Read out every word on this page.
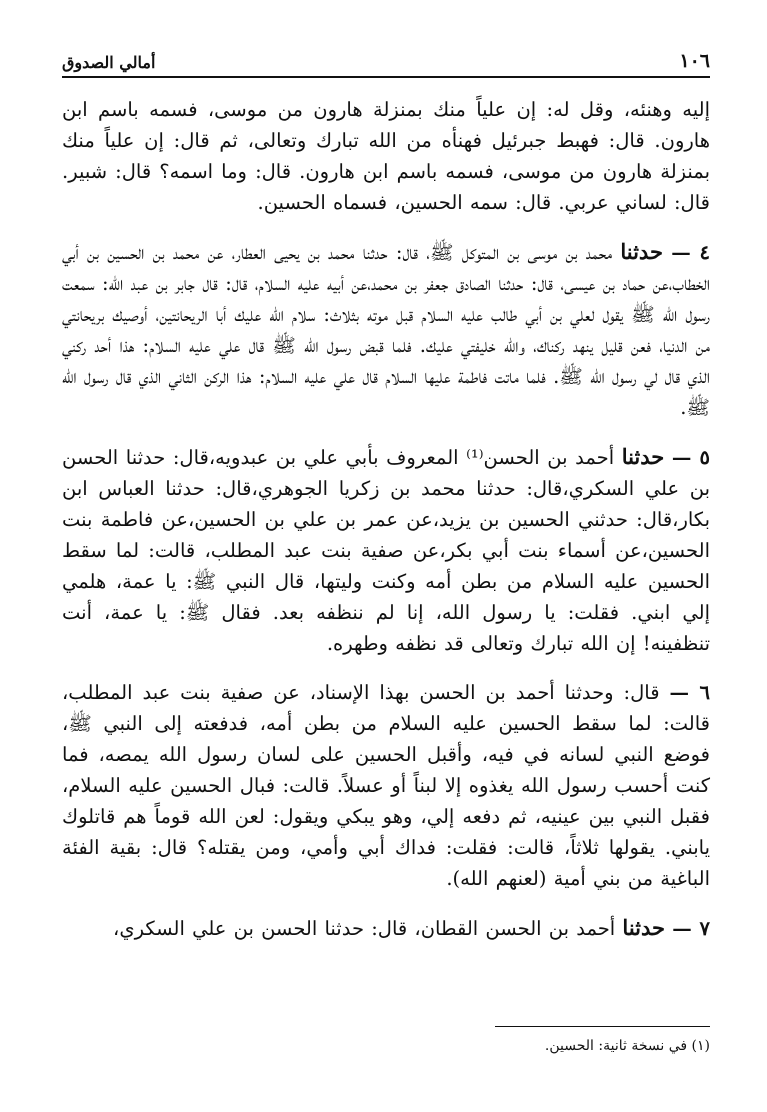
١٠٦
أمالي الصدوق

إليه وهنئه، وقل له: إن علياً منك بمنزلة هارون من موسى، فسمه باسم ابن هارون. قال: فهبط جبرئيل فهنأه من الله تبارك وتعالى، ثم قال: إن علياً منك بمنزلة هارون من موسى، فسمه باسم ابن هارون. قال: وما اسمه؟ قال: شبير. قال: لساني عربي. قال: سمه الحسين، فسماه الحسين.

٤ — حدثنا محمد بن موسى بن المتوكل ﷺ، قال: حدثنا محمد بن يحيى العطار، عن محمد بن الحسين بن أبي الخطاب،عن حماد بن عيسى، قال: حدثنا الصادق جعفر بن محمد،عن أبيه عليه السلام، قال: قال جابر بن عبد الله: سمعت رسول الله ﷺ يقول لعلي بن أبي طالب عليه السلام قبل موته بثلاث: سلام الله عليك أبا الريحانتين، أوصيك بريحانتي من الدنيا، فعن قليل ينهد ركناك، والله خليفتي عليك. فلما قبض رسول الله ﷺ قال علي عليه السلام: هذا أحد ركني الذي قال لي رسول الله ﷺ. فلما ماتت فاطمة عليها السلام قال علي عليه السلام: هذا الركن الثاني الذي قال رسول الله ﷺ.

٥ — حدثنا أحمد بن الحسن⁽¹⁾ المعروف بأبي علي بن عبدويه،قال: حدثنا الحسن بن علي السكري،قال: حدثنا محمد بن زكريا الجوهري،قال: حدثنا العباس ابن بكار،قال: حدثني الحسين بن يزيد،عن عمر بن علي بن الحسين،عن فاطمة بنت الحسين،عن أسماء بنت أبي بكر،عن صفية بنت عبد المطلب، قالت: لما سقط الحسين عليه السلام من بطن أمه وكنت وليتها، قال النبي ﷺ: يا عمة، هلمي إلي ابني. فقلت: يا رسول الله، إنا لم ننظفه بعد. فقال ﷺ: يا عمة، أنت تنظفينه! إن الله تبارك وتعالى قد نظفه وطهره.

٦ — قال: وحدثنا أحمد بن الحسن بهذا الإسناد، عن صفية بنت عبد المطلب، قالت: لما سقط الحسين عليه السلام من بطن أمه، فدفعته إلى النبي ﷺ، فوضع النبي لسانه في فيه، وأقبل الحسين على لسان رسول الله يمصه، فما كنت أحسب رسول الله يغذوه إلا لبناً أو عسلاً. قالت: فبال الحسين عليه السلام، فقبل النبي بين عينيه، ثم دفعه إلي، وهو يبكي ويقول: لعن الله قوماً هم قاتلوك يابني. يقولها ثلاثاً، قالت: فقلت: فداك أبي وأمي، ومن يقتله؟ قال: بقية الفئة الباغية من بني أمية (لعنهم الله).

٧ — حدثنا أحمد بن الحسن القطان، قال: حدثنا الحسن بن علي السكري،

(١) في نسخة ثانية: الحسين.
